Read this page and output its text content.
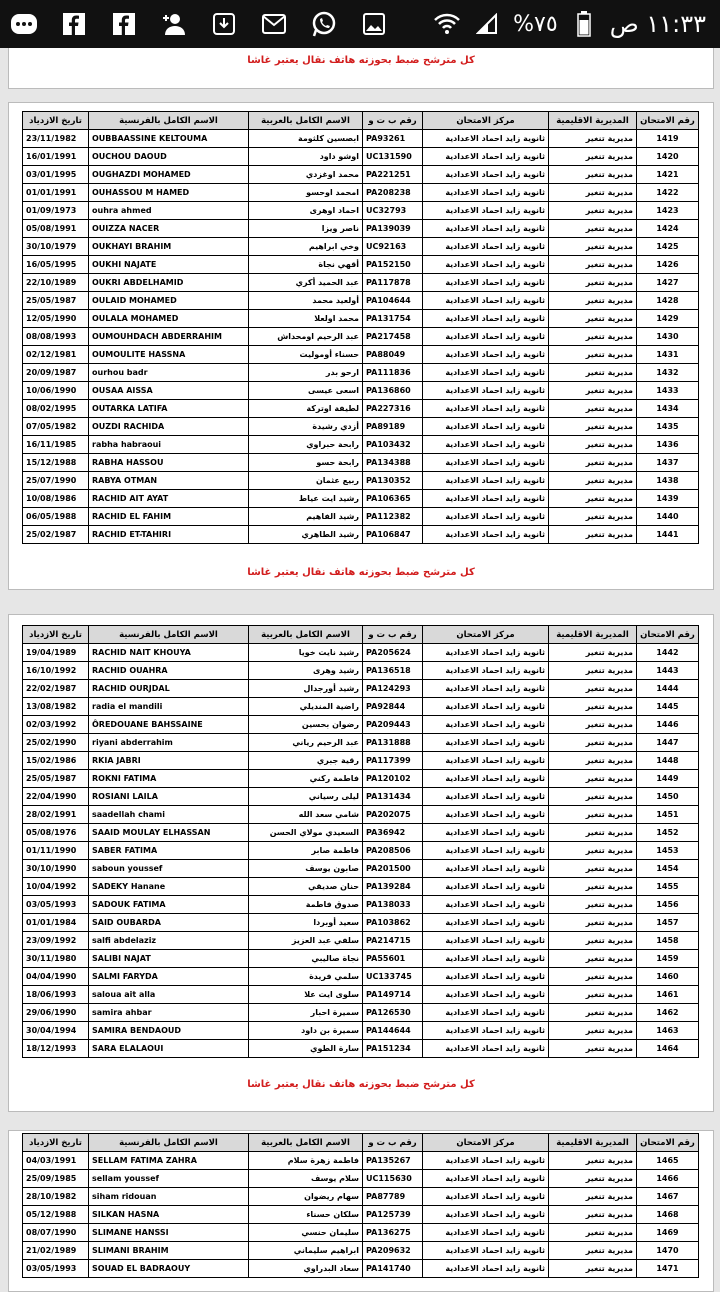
%٧٥ ١١:٣٣ ص
كل مترشح ضبط بحوزته هاتف نقال يعتبر غاشا
تاريخ الازدياد	الاسم الكامل بالفرنسية	الاسم الكامل بالعربية	رقم ب ت و	مركز الامتحان	المديرية الاقليمية	رقم الامتحان
23/11/1982	OUBBAASSINE KELTOUMA	ابصسين كلثومة	PA93261	ثانوية زايد احماد الاعدادية	مديرية تنغير	1419
16/01/1991	OUCHOU DAOUD	اوشو داود	UC131590	ثانوية زايد احماد الاعدادية	مديرية تنغير	1420
03/01/1995	OUGHAZDI MOHAMED	محمد اوغزدي	PA221251	ثانوية زايد احماد الاعدادية	مديرية تنغير	1421
01/01/1991	OUHASSOU M HAMED	امحمد اوحسو	PA208238	ثانوية زايد احماد الاعدادية	مديرية تنغير	1422
01/09/1973	ouhra ahmed	احماد اوهرى	UC32793	ثانوية زايد احماد الاعدادية	مديرية تنغير	1423
05/08/1991	OUIZZA NACER	ناصر ويزا	PA139039	ثانوية زايد احماد الاعدادية	مديرية تنغير	1424
30/10/1979	OUKHAYI BRAHIM	وخي ابراهيم	UC92163	ثانوية زايد احماد الاعدادية	مديرية تنغير	1425
16/05/1995	OUKHI NAJATE	أقهي نجاة	PA152150	ثانوية زايد احماد الاعدادية	مديرية تنغير	1426
22/10/1989	OUKRI ABDELHAMID	عبد الحميد أكري	PA117878	ثانوية زايد احماد الاعدادية	مديرية تنغير	1427
25/05/1987	OULAID MOHAMED	أولعيد محمد	PA104644	ثانوية زايد احماد الاعدادية	مديرية تنغير	1428
12/05/1990	OULALA MOHAMED	محمد اولعلا	PA131754	ثانوية زايد احماد الاعدادية	مديرية تنغير	1429
08/08/1993	OUMOUHDACH ABDERRAHIM	عبد الرحيم اومحداش	PA217458	ثانوية زايد احماد الاعدادية	مديرية تنغير	1430
02/12/1981	OUMOULITE HASSNA	حسناء أومولیت	PA88049	ثانوية زايد احماد الاعدادية	مديرية تنغير	1431
20/09/1987	ourhou badr	ارحو بدر	PA111836	ثانوية زايد احماد الاعدادية	مديرية تنغير	1432
10/06/1990	OUSAA AISSA	اسعى عيسى	PA136860	ثانوية زايد احماد الاعدادية	مديرية تنغير	1433
08/02/1995	OUTARKA LATIFA	لطيفة اوترکة	PA227316	ثانوية زايد احماد الاعدادية	مديرية تنغير	1434
07/05/1982	OUZDI RACHIDA	أزدي رشيدة	PA89189	ثانوية زايد احماد الاعدادية	مديرية تنغير	1435
16/11/1985	rabha habraoui	رابحة حبراوي	PA103432	ثانوية زايد احماد الاعدادية	مديرية تنغير	1436
15/12/1988	RABHA HASSOU	رابحة حسو	PA134388	ثانوية زايد احماد الاعدادية	مديرية تنغير	1437
25/07/1990	RABYA OTMAN	ربيع عثمان	PA130352	ثانوية زايد احماد الاعدادية	مديرية تنغير	1438
10/08/1986	RACHID AIT AYAT	رشيد ايت عياط	PA106365	ثانوية زايد احماد الاعدادية	مديرية تنغير	1439
06/05/1988	RACHID EL FAHIM	رشيد الفاهيم	PA112382	ثانوية زايد احماد الاعدادية	مديرية تنغير	1440
25/02/1987	RACHID ET-TAHIRI	رشيد الطاهري	PA106847	ثانوية زايد احماد الاعدادية	مديرية تنغير	1441
كل مترشح ضبط بحوزته هاتف نقال يعتبر غاشا
تاريخ الازدياد	الاسم الكامل بالفرنسية	الاسم الكامل بالعربية	رقم ب ت و	مركز الامتحان	المديرية الاقليمية	رقم الامتحان
19/04/1989	RACHID NAIT KHOUYA	رشيد نايت خويا	PA205624	ثانوية زايد احماد الاعدادية	مديرية تنغير	1442
16/10/1992	RACHID OUAHRA	رشيد وهرى	PA136518	ثانوية زايد احماد الاعدادية	مديرية تنغير	1443
22/02/1987	RACHID OURJDAL	رشيد أورجدال	PA124293	ثانوية زايد احماد الاعدادية	مديرية تنغير	1444
13/08/1982	radia el mandili	راضية المنديلي	PA92844	ثانوية زايد احماد الاعدادية	مديرية تنغير	1445
02/03/1992	ÔREDOUANE BAHSSAINE	رضوان بحسين	PA209443	ثانوية زايد احماد الاعدادية	مديرية تنغير	1446
25/02/1990	riyani abderrahim	عبد الرحيم رياني	PA131888	ثانوية زايد احماد الاعدادية	مديرية تنغير	1447
15/02/1986	RKIA JABRI	رقية جبري	PA117399	ثانوية زايد احماد الاعدادية	مديرية تنغير	1448
25/05/1987	ROKNI FATIMA	فاطمة ركني	PA120102	ثانوية زايد احماد الاعدادية	مديرية تنغير	1449
22/04/1990	ROSIANI LAILA	ليلى رسياني	PA131434	ثانوية زايد احماد الاعدادية	مديرية تنغير	1450
28/02/1991	saadellah chami	شامي سعد الله	PA202075	ثانوية زايد احماد الاعدادية	مديرية تنغير	1451
05/08/1976	SAAID MOULAY ELHASSAN	السعيدي مولاي الحسن	PA36942	ثانوية زايد احماد الاعدادية	مديرية تنغير	1452
01/11/1990	SABER FATIMA	فاطمة صابر	PA208506	ثانوية زايد احماد الاعدادية	مديرية تنغير	1453
30/10/1990	saboun youssef	صابون يوسف	PA201500	ثانوية زايد احماد الاعدادية	مديرية تنغير	1454
10/04/1992	SADEKY Hanane	حنان صديقي	PA139284	ثانوية زايد احماد الاعدادية	مديرية تنغير	1455
03/05/1993	SADOUK FATIMA	صدوق فاطمة	PA138033	ثانوية زايد احماد الاعدادية	مديرية تنغير	1456
01/01/1984	SAID OUBARDA	سعيد أوبردا	PA103862	ثانوية زايد احماد الاعدادية	مديرية تنغير	1457
23/09/1992	salfi abdelaziz	سلفي عبد العزيز	PA214715	ثانوية زايد احماد الاعدادية	مديرية تنغير	1458
30/11/1980	SALIBI NAJAT	نجاة صاليبي	PA55601	ثانوية زايد احماد الاعدادية	مديرية تنغير	1459
04/04/1990	SALMI FARYDA	سلمي فريدة	UC133745	ثانوية زايد احماد الاعدادية	مديرية تنغير	1460
18/06/1993	saloua ait alla	سلوى ايت علا	PA149714	ثانوية زايد احماد الاعدادية	مديرية تنغير	1461
29/06/1990	samira ahbar	سميرة احبار	PA126530	ثانوية زايد احماد الاعدادية	مديرية تنغير	1462
30/04/1994	SAMIRA BENDAOUD	سميرة بن داود	PA144644	ثانوية زايد احماد الاعدادية	مديرية تنغير	1463
18/12/1993	SARA ELALAOUI	سارة الطوي	PA151234	ثانوية زايد احماد الاعدادية	مديرية تنغير	1464
كل مترشح ضبط بحوزته هاتف نقال يعتبر غاشا
تاريخ الازدياد	الاسم الكامل بالفرنسية	الاسم الكامل بالعربية	رقم ب ت و	مركز الامتحان	المديرية الاقليمية	رقم الامتحان
04/03/1991	SELLAM FATIMA ZAHRA	فاطمة زهرة سلام	PA135267	ثانوية زايد احماد الاعدادية	مديرية تنغير	1465
25/09/1985	sellam youssef	سلام يوسف	UC115630	ثانوية زايد احماد الاعدادية	مديرية تنغير	1466
28/10/1982	siham ridouan	سهام ريضوان	PA87789	ثانوية زايد احماد الاعدادية	مديرية تنغير	1467
05/12/1988	SILKAN HASNA	سلكان حسناء	PA125739	ثانوية زايد احماد الاعدادية	مديرية تنغير	1468
08/07/1990	SLIMANE HANSSI	سليمان حنسي	PA136275	ثانوية زايد احماد الاعدادية	مديرية تنغير	1469
21/02/1989	SLIMANI BRAHIM	ابراهيم سليماني	PA209632	ثانوية زايد احماد الاعدادية	مديرية تنغير	1470
03/05/1993	SOUAD EL BADRAOUY	سعاد البدراوي	PA141740	ثانوية زايد احماد الاعدادية	مديرية تنغير	1471
